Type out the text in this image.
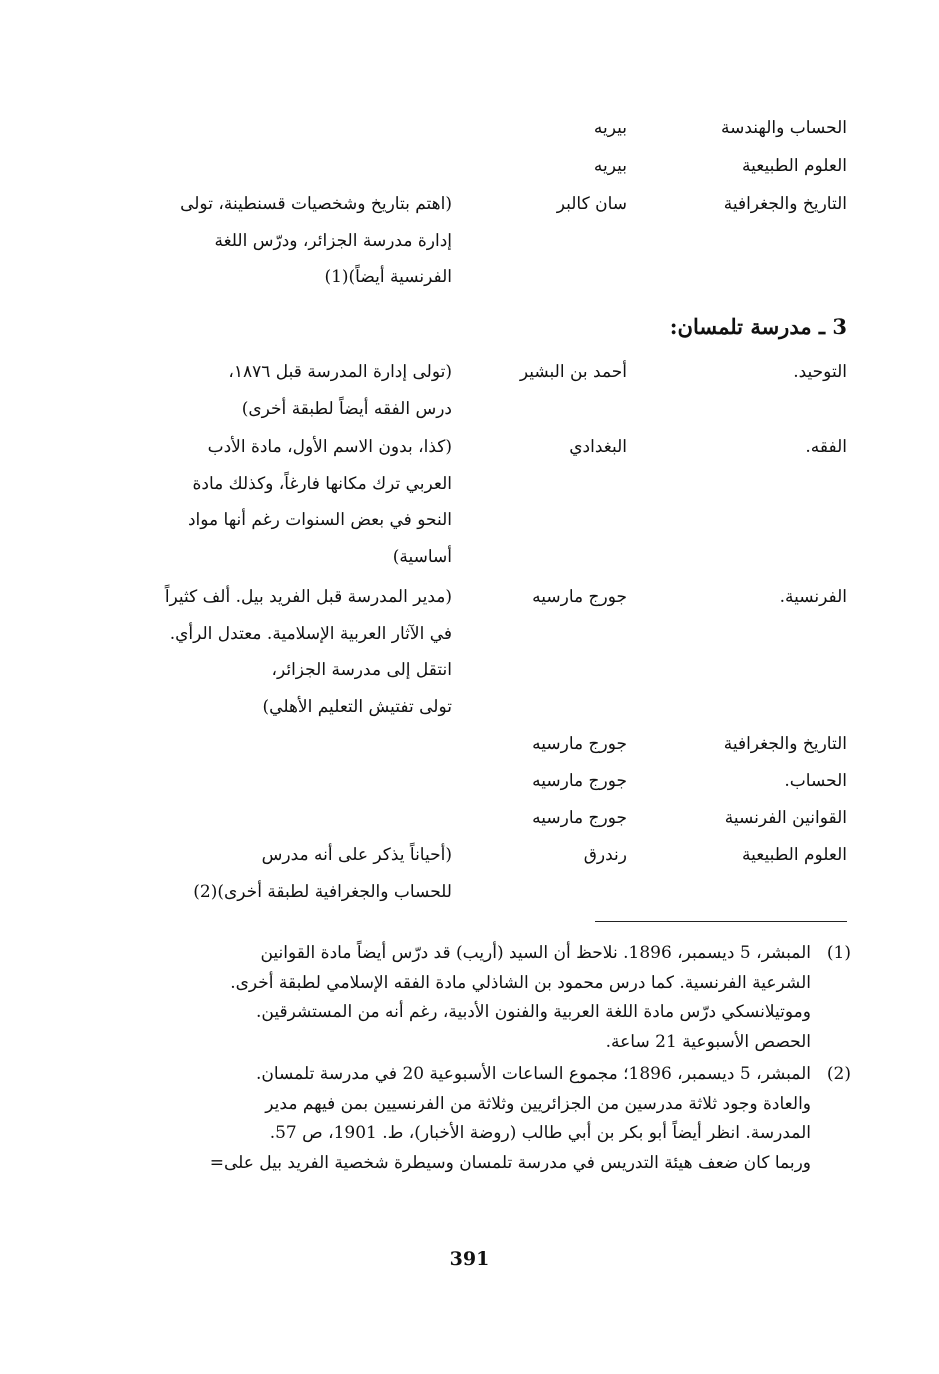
الحساب والهندسة
بيريه
العلوم الطبيعية
بيريه
التاريخ والجغرافية
سان كالبر
(اهتم بتاريخ وشخصيات قسنطينة، تولى
إدارة مدرسة الجزائر، ودرّس اللغة
الفرنسية أيضاً)(1)
3 ـ مدرسة تلمسان:
التوحيد.
أحمد بن البشير
(تولى إدارة المدرسة قبل ١٨٧٦،
درس الفقه أيضاً لطبقة أخرى)
الفقه.
البغدادي
(كذا، بدون الاسم الأول، مادة الأدب
العربي ترك مكانها فارغاً، وكذلك مادة
النحو في بعض السنوات رغم أنها مواد
أساسية)
الفرنسية.
جورج مارسيه
(مدير المدرسة قبل الفريد بيل. ألف كثيراً
في الآثار العربية الإسلامية. معتدل الرأي.
انتقل إلى مدرسة الجزائر،
تولى تفتيش التعليم الأهلي)
التاريخ والجغرافية
جورج مارسيه
الحساب.
جورج مارسيه
القوانين الفرنسية
جورج مارسيه
العلوم الطبيعية
رندرق
(أحياناً يذكر على أنه مدرس
للحساب والجغرافية لطبقة أخرى)(2)
(1)
المبشر، 5 ديسمبر، 1896. نلاحظ أن السيد (أريب) قد درّس أيضاً مادة القوانين
الشرعية الفرنسية. كما درس محمود بن الشاذلي مادة الفقه الإسلامي لطبقة أخرى.
وموتيلانسكي درّس مادة اللغة العربية والفنون الأدبية، رغم أنه من المستشرقين.
الحصص الأسبوعية 21 ساعة.
(2)
المبشر، 5 ديسمبر، 1896؛ مجموع الساعات الأسبوعية 20 في مدرسة تلمسان.
والعادة وجود ثلاثة مدرسين من الجزائريين وثلاثة من الفرنسيين بمن فيهم مدير
المدرسة. انظر أيضاً أبو بكر بن أبي طالب (روضة الأخبار)، ط. 1901، ص 57.
وربما كان ضعف هيئة التدريس في مدرسة تلمسان وسيطرة شخصية الفريد بيل على=
391
